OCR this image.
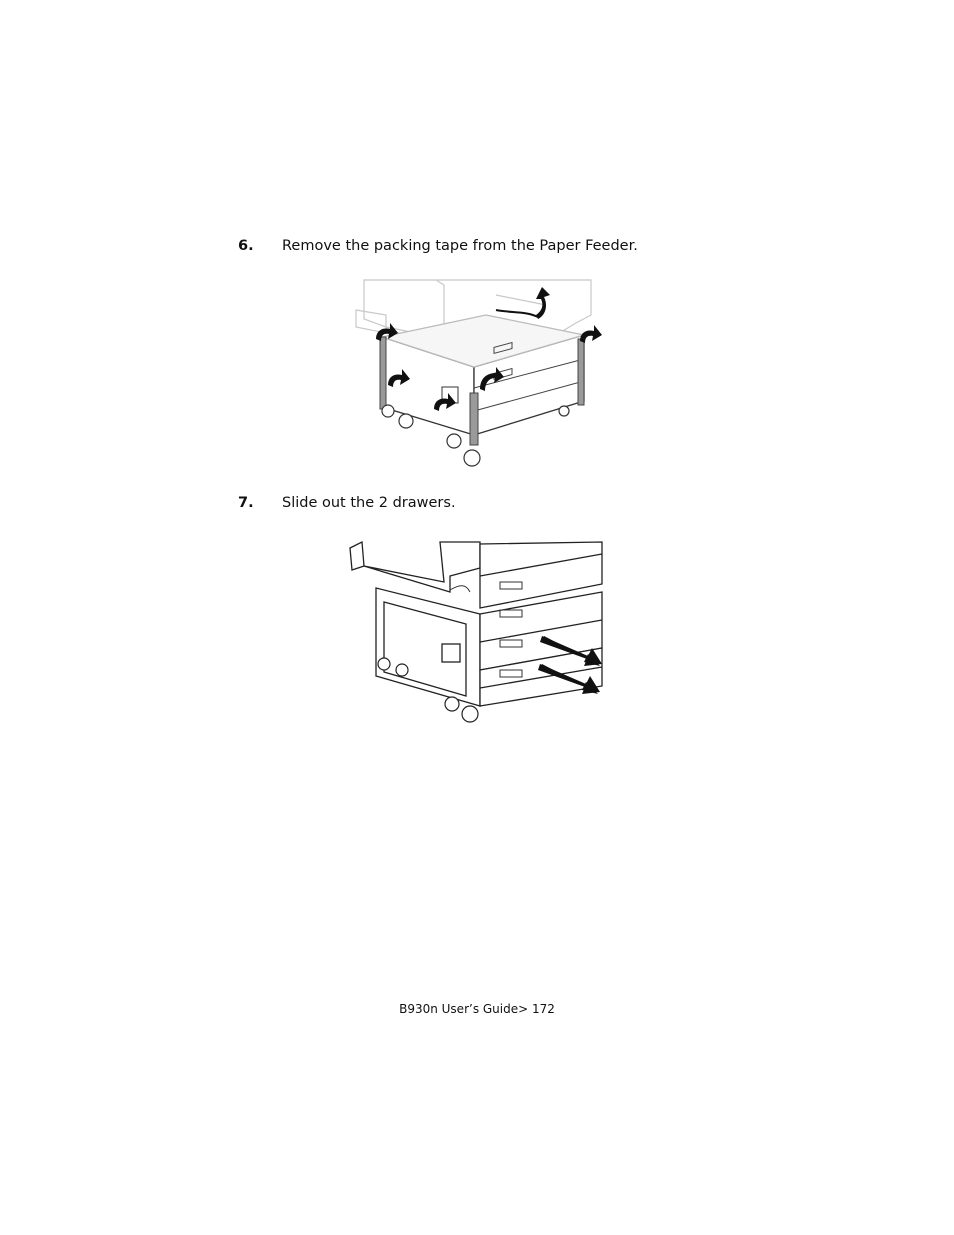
6. Remove the packing tape from the Paper Feeder.
7. Slide out the 2 drawers.
B930n User’s Guide> 172
